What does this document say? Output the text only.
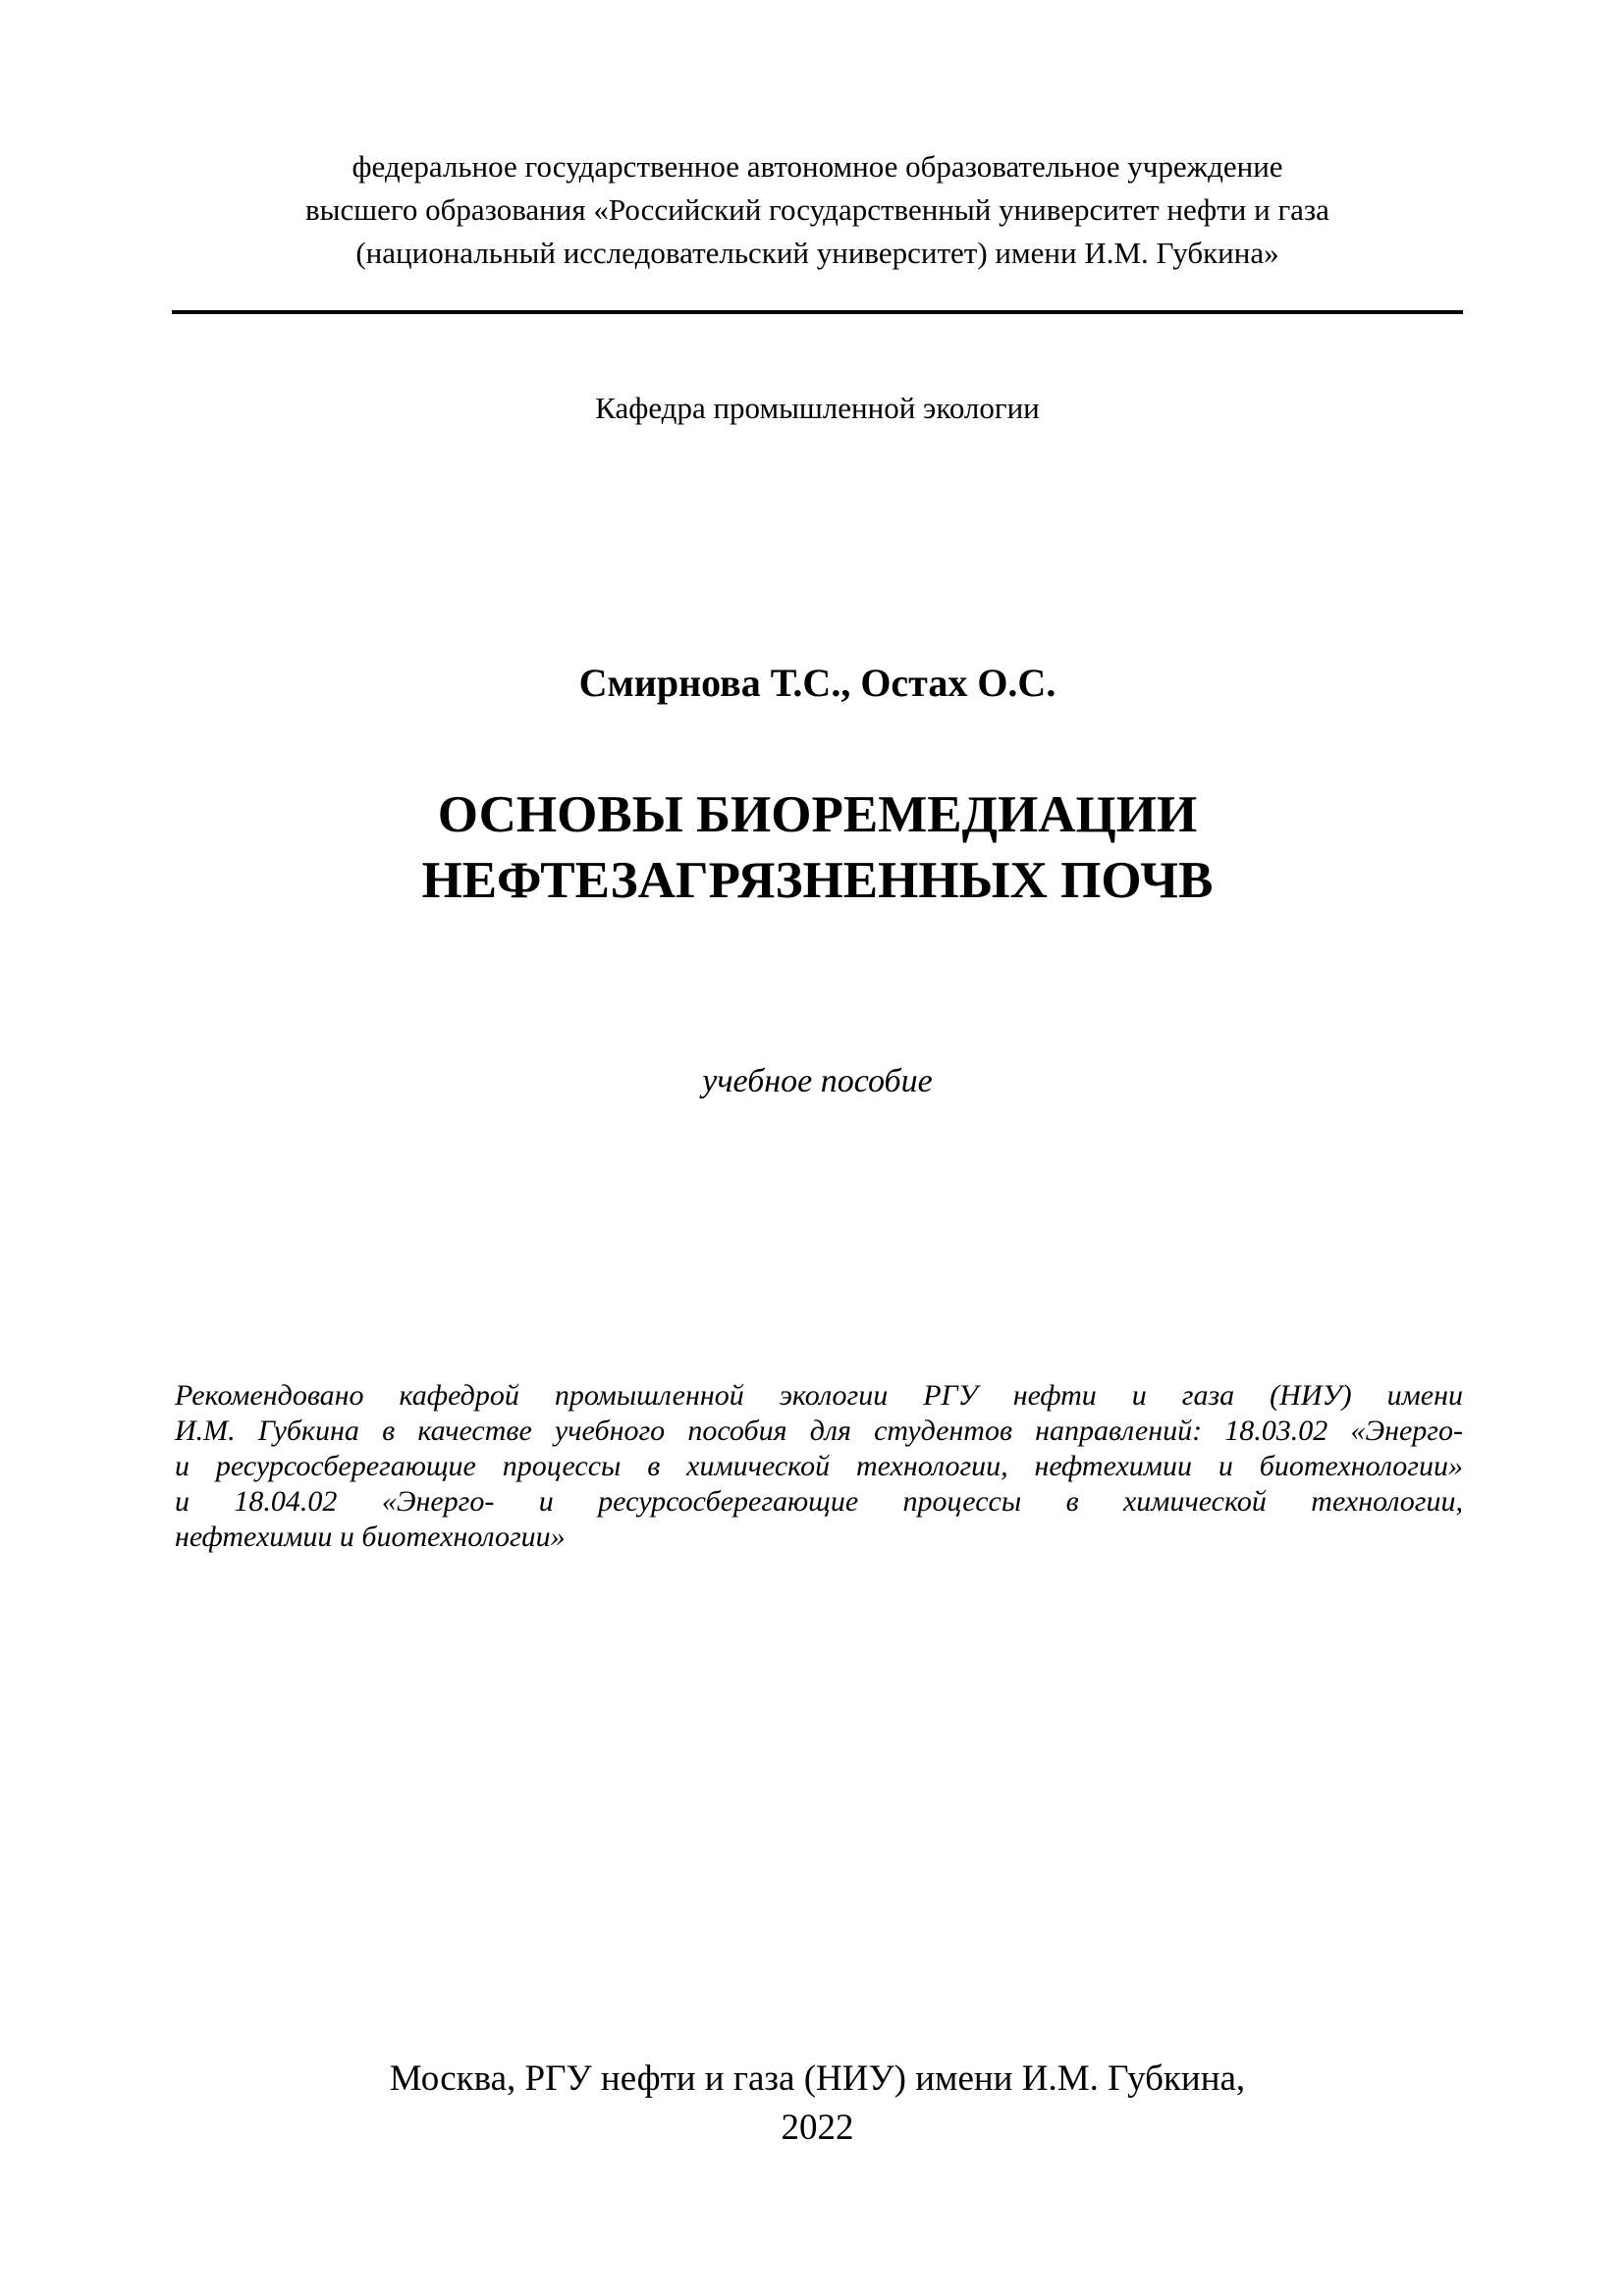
федеральное государственное автономное образовательное учреждение
высшего образования «Российский государственный университет нефти и газа
(национальный исследовательский университет) имени И.М. Губкина»
Кафедра промышленной экологии
Смирнова Т.С., Остах О.С.
ОСНОВЫ БИОРЕМЕДИАЦИИ
НЕФТЕЗАГРЯЗНЕННЫХ ПОЧВ
учебное пособие
Рекомендовано кафедрой промышленной экологии РГУ нефти и газа (НИУ) имени
И.М. Губкина в качестве учебного пособия для студентов направлений: 18.03.02 «Энерго-
и ресурсосберегающие процессы в химической технологии, нефтехимии и биотехнологии»
и 18.04.02 «Энерго- и ресурсосберегающие процессы в химической технологии,
нефтехимии и биотехнологии»
Москва, РГУ нефти и газа (НИУ) имени И.М. Губкина,
2022
